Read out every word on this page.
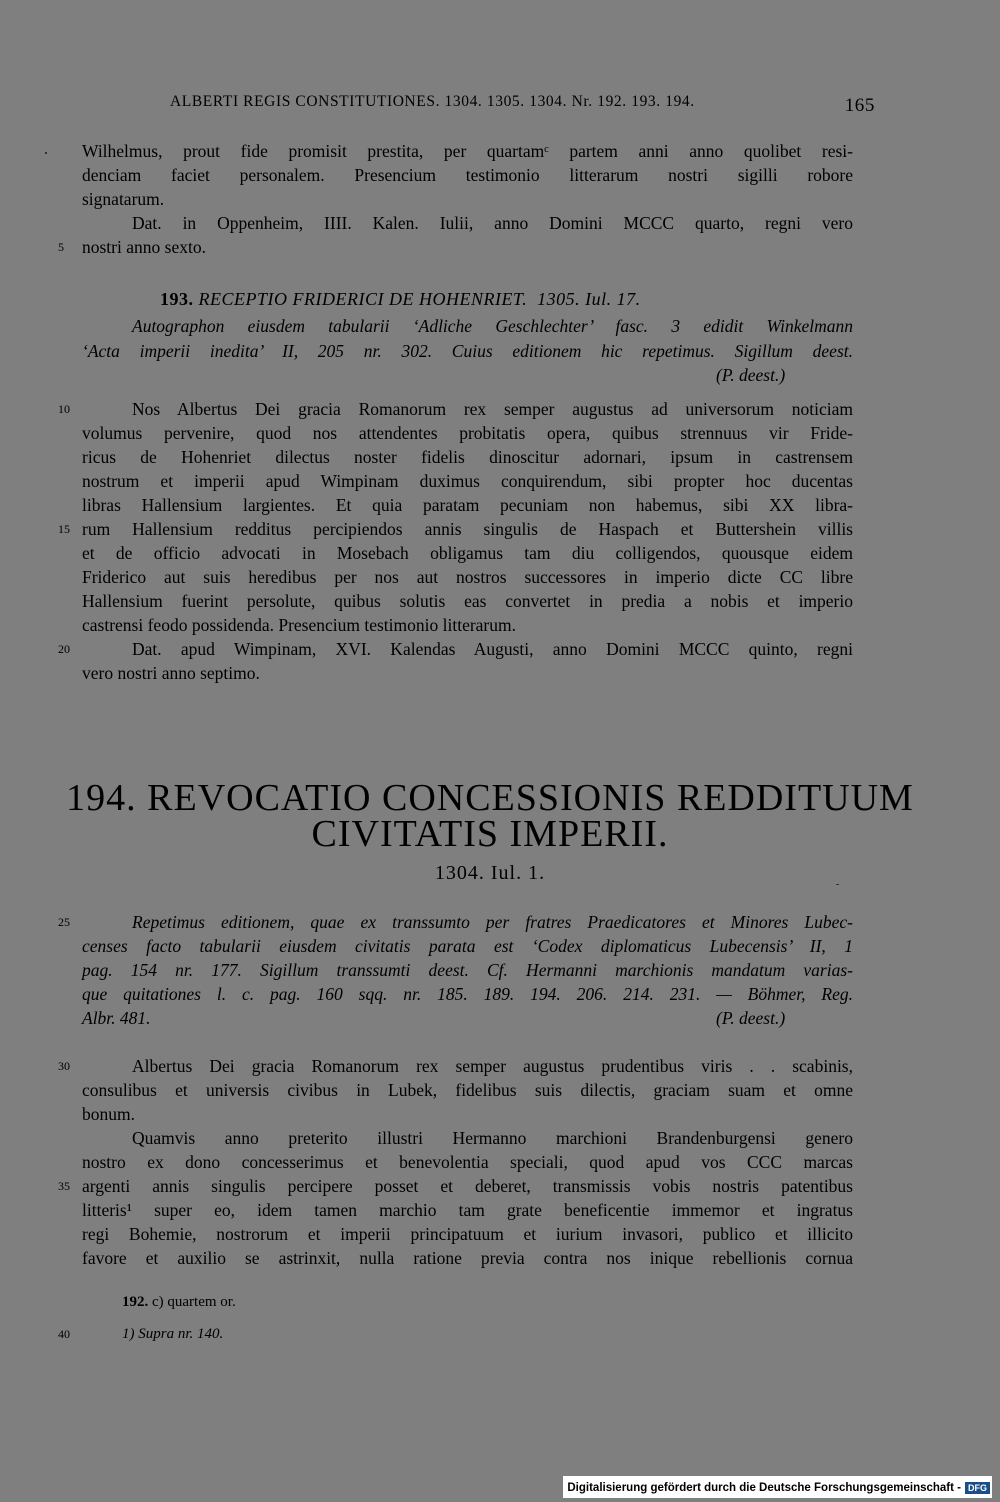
ALBERTI REGIS CONSTITUTIONES. 1304. 1305. 1304. Nr. 192. 193. 194.	165
Wilhelmus, prout fide promisit prestita, per quartamᶜ partem anni anno quolibet resi-
denciam faciet personalem. Presencium testimonio litterarum nostri sigilli robore
signatarum.
Dat. in Oppenheim, IIII. Kalen. Iulii, anno Domini MCCC quarto, regni vero
5	nostri anno sexto.
193. RECEPTIO FRIDERICI DE HOHENRIET. 1305. Iul. 17.
Autographon eiusdem tabularii ‘Adliche Geschlechter’ fasc. 3 edidit Winkelmann
‘Acta imperii inedita’ II, 205 nr. 302. Cuius editionem hic repetimus. Sigillum deest.
(P. deest.)
10	Nos Albertus Dei gracia Romanorum rex semper augustus ad universorum noticiam
volumus pervenire, quod nos attendentes probitatis opera, quibus strennuus vir Fride-
ricus de Hohenriet dilectus noster fidelis dinoscitur adornari, ipsum in castrensem
nostrum et imperii apud Wimpinam duximus conquirendum, sibi propter hoc ducentas
libras Hallensium largientes. Et quia paratam pecuniam non habemus, sibi XX libra-
15 rum Hallensium redditus percipiendos annis singulis de Haspach et Buttershein villis
et de officio advocati in Mosebach obligamus tam diu colligendos, quousque eidem
Friderico aut suis heredibus per nos aut nostros successores in imperio dicte CC libre
Hallensium fuerint persolute, quibus solutis eas convertet in predia a nobis et imperio
castrensi feodo possidenda. Presencium testimonio litterarum.
20	Dat. apud Wimpinam, XVI. Kalendas Augusti, anno Domini MCCC quinto, regni
vero nostri anno septimo.
194. REVOCATIO CONCESSIONIS REDDITUUM
CIVITATIS IMPERII.
1304. Iul. 1.
25	Repetimus editionem, quae ex transsumto per fratres Praedicatores et Minores Lubec-
censes facto tabularii eiusdem civitatis parata est ‘Codex diplomaticus Lubecensis’ II, 1
pag. 154 nr. 177. Sigillum transsumti deest. Cf. Hermanni marchionis mandatum varias-
que quitationes l. c. pag. 160 sqq. nr. 185. 189. 194. 206. 214. 231. — Böhmer, Reg.
Albr. 481.	(P. deest.)
30	Albertus Dei gracia Romanorum rex semper augustus prudentibus viris . . scabinis,
consulibus et universis civibus in Lubek, fidelibus suis dilectis, graciam suam et omne
bonum.
Quamvis anno preterito illustri Hermanno marchioni Brandenburgensi genero
nostro ex dono concesserimus et benevolentia speciali, quod apud vos CCC marcas
35 argenti annis singulis percipere posset et deberet, transmissis vobis nostris patentibus
litteris¹ super eo, idem tamen marchio tam grate beneficentie immemor et ingratus
regi Bohemie, nostrorum et imperii principatuum et iurium invasori, publico et illicito
favore et auxilio se astrinxit, nulla ratione previa contra nos inique rebellionis cornua
192. c) quartem or.
40	1) Supra nr. 140.
Digitalisierung gefördert durch die Deutsche Forschungsgemeinschaft - DFG
